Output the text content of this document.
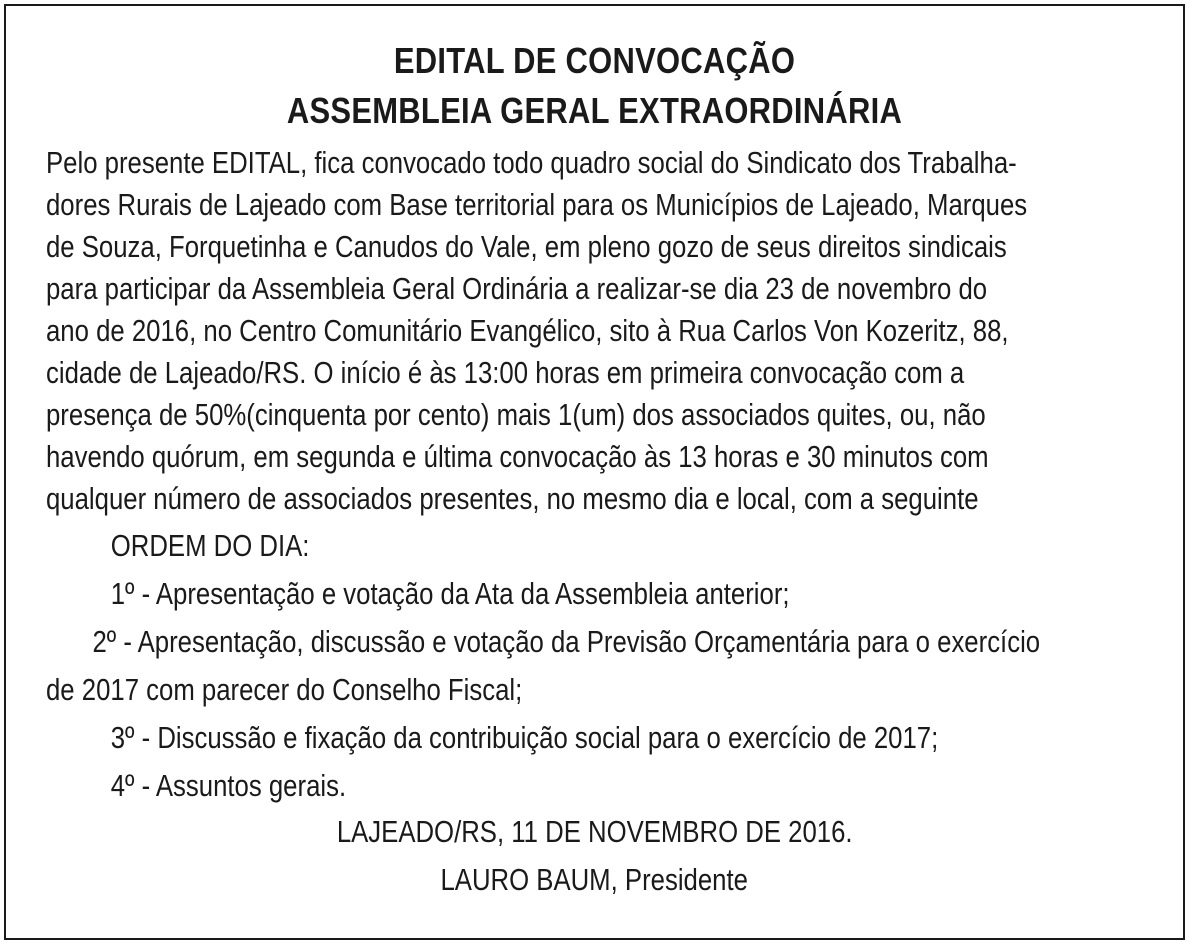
EDITAL DE CONVOCAÇÃO
ASSEMBLEIA GERAL EXTRAORDINÁRIA
Pelo presente EDITAL, fica convocado todo quadro social do Sindicato dos Trabalha-
dores Rurais de Lajeado com Base territorial para os Municípios de Lajeado, Marques
de Souza, Forquetinha e Canudos do Vale, em pleno gozo de seus direitos sindicais
para participar da Assembleia Geral Ordinária a realizar-se dia 23 de novembro do
ano de 2016, no Centro Comunitário Evangélico, sito à Rua Carlos Von Kozeritz, 88,
cidade de Lajeado/RS. O início é às 13:00 horas em primeira convocação com a
presença de 50%(cinquenta por cento) mais 1(um) dos associados quites, ou, não
havendo quórum, em segunda e última convocação às 13 horas e 30 minutos com
qualquer número de associados presentes, no mesmo dia e local, com a seguinte
ORDEM DO DIA:
1º - Apresentação e votação da Ata da Assembleia anterior;
2º - Apresentação, discussão e votação da Previsão Orçamentária para o exercício
de 2017 com parecer do Conselho Fiscal;
3º - Discussão e fixação da contribuição social para o exercício de 2017;
4º - Assuntos gerais.
LAJEADO/RS, 11 DE NOVEMBRO DE 2016.
LAURO BAUM, Presidente
